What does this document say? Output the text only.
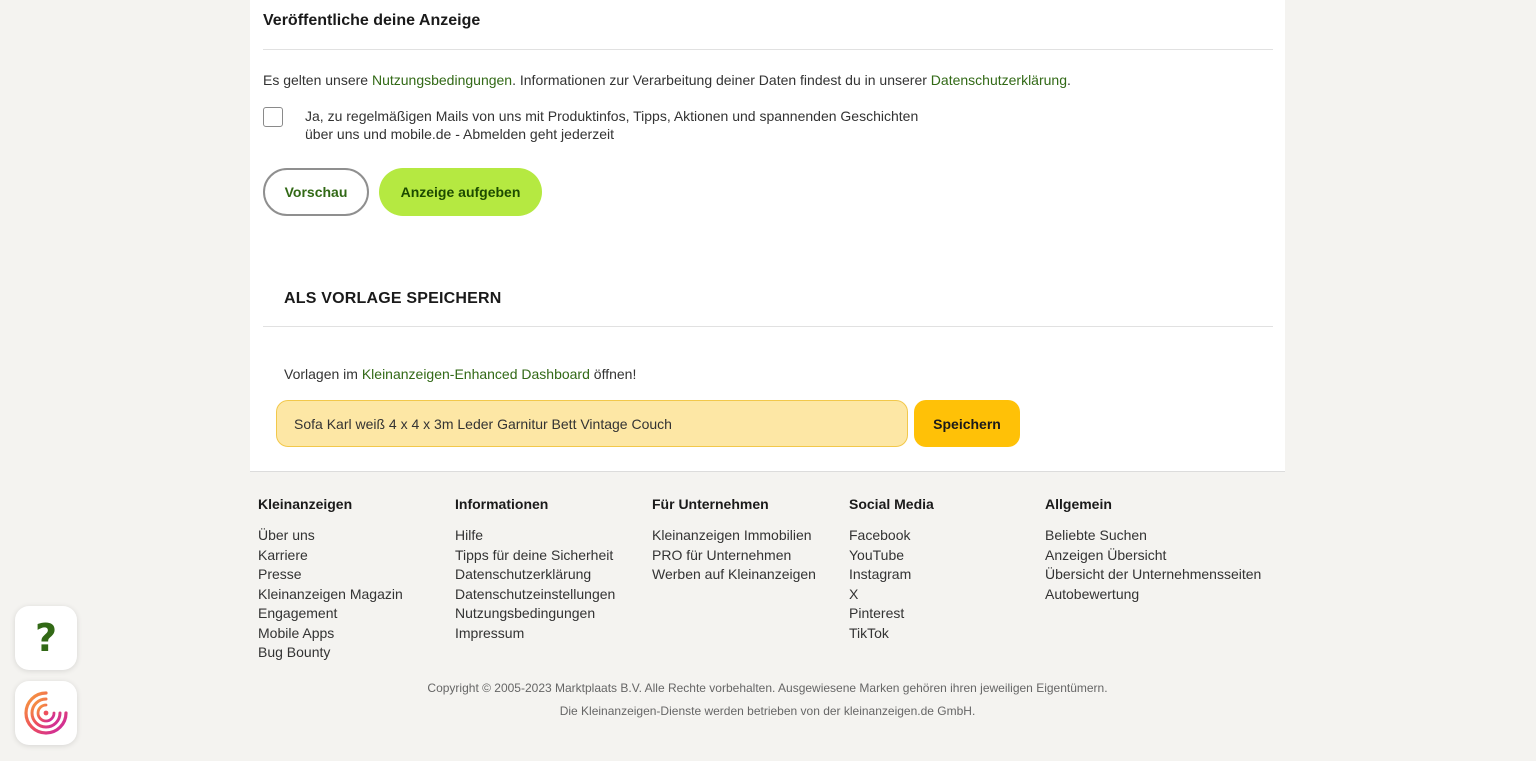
Veröffentliche deine Anzeige
Es gelten unsere Nutzungsbedingungen. Informationen zur Verarbeitung deiner Daten findest du in unserer Datenschutzerklärung.
Ja, zu regelmäßigen Mails von uns mit Produktinfos, Tipps, Aktionen und spannenden Geschichten
über uns und mobile.de - Abmelden geht jederzeit
Vorschau	Anzeige aufgeben
ALS VORLAGE SPEICHERN
Vorlagen im Kleinanzeigen-Enhanced Dashboard öffnen!
Sofa Karl weiß 4 x 4 x 3m Leder Garnitur Bett Vintage Couch	Speichern
Kleinanzeigen
Über uns
Karriere
Presse
Kleinanzeigen Magazin
Engagement
Mobile Apps
Bug Bounty
Informationen
Hilfe
Tipps für deine Sicherheit
Datenschutzerklärung
Datenschutzeinstellungen
Nutzungsbedingungen
Impressum
Für Unternehmen
Kleinanzeigen Immobilien
PRO für Unternehmen
Werben auf Kleinanzeigen
Social Media
Facebook
YouTube
Instagram
X
Pinterest
TikTok
Allgemein
Beliebte Suchen
Anzeigen Übersicht
Übersicht der Unternehmensseiten
Autobewertung
Copyright © 2005-2023 Marktplaats B.V. Alle Rechte vorbehalten. Ausgewiesene Marken gehören ihren jeweiligen Eigentümern.
Die Kleinanzeigen-Dienste werden betrieben von der kleinanzeigen.de GmbH.
?
